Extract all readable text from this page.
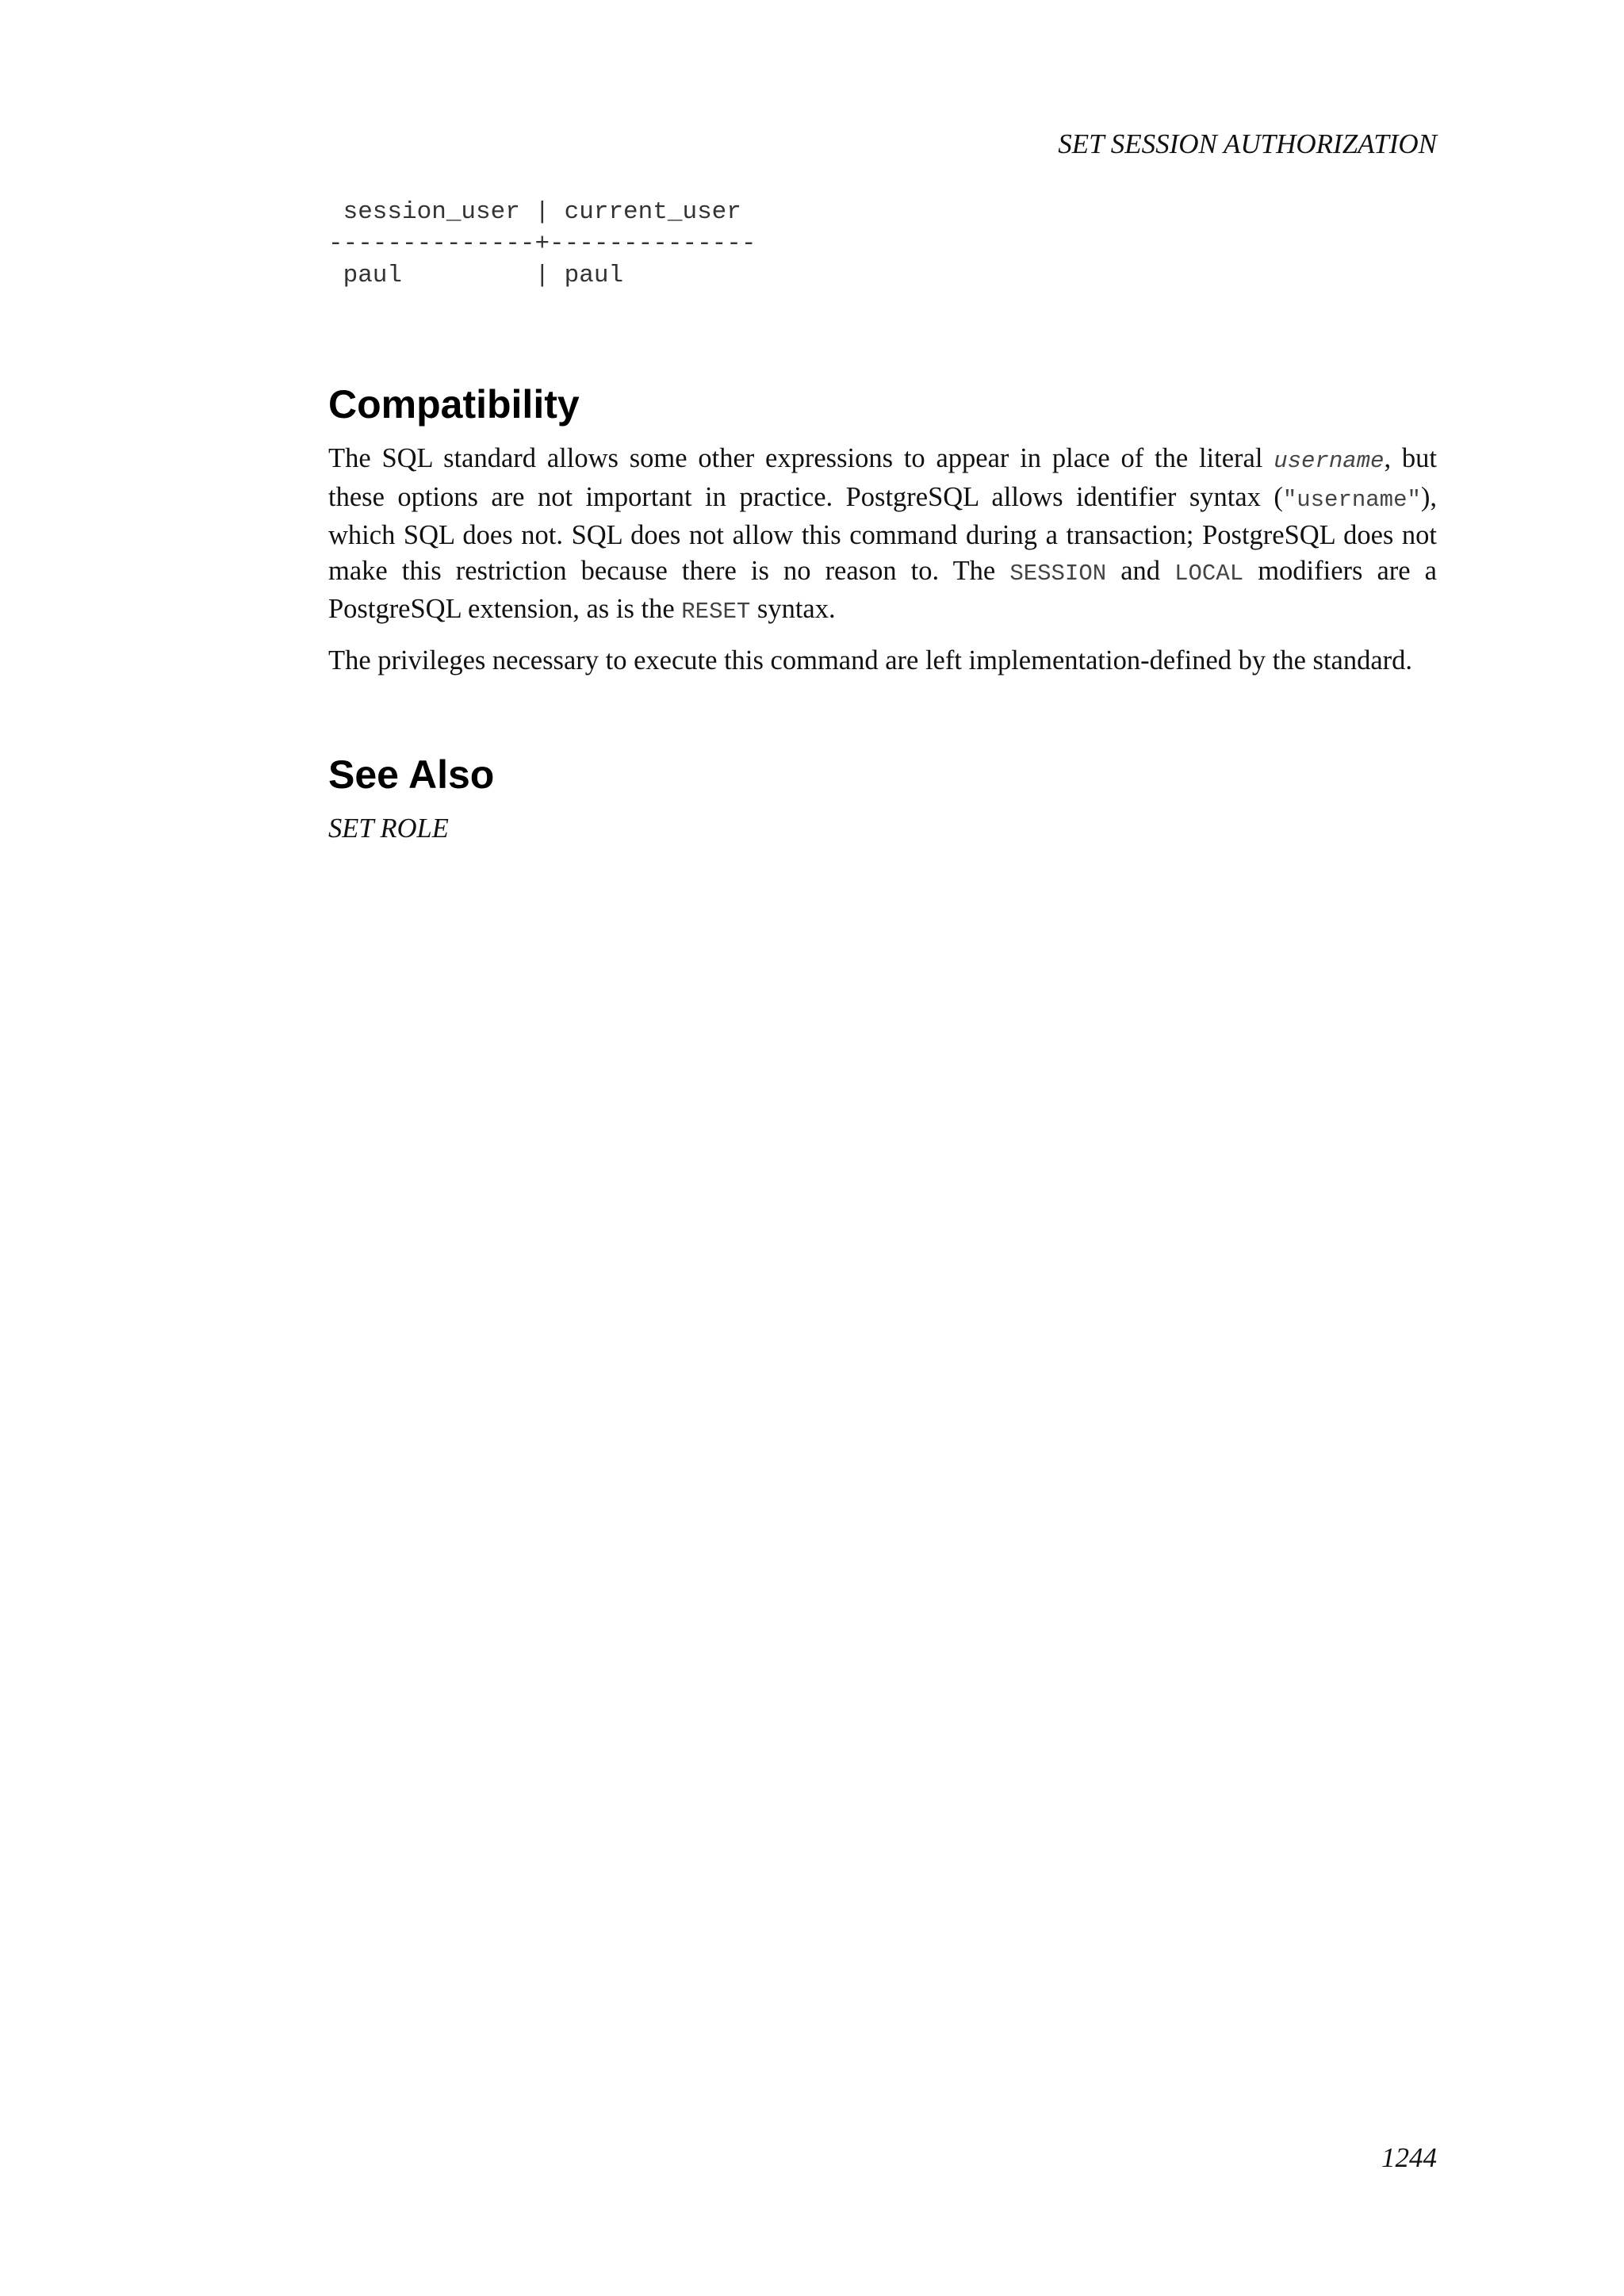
SET SESSION AUTHORIZATION
session_user | current_user
--------------+--------------
paul         | paul
Compatibility

The SQL standard allows some other expressions to appear in place of the literal username, but these options are not important in practice. PostgreSQL allows identifier syntax ("username"), which SQL does not. SQL does not allow this command during a transaction; PostgreSQL does not make this restriction because there is no reason to. The SESSION and LOCAL modifiers are a PostgreSQL extension, as is the RESET syntax.

The privileges necessary to execute this command are left implementation-defined by the standard.

See Also

SET ROLE

1244
